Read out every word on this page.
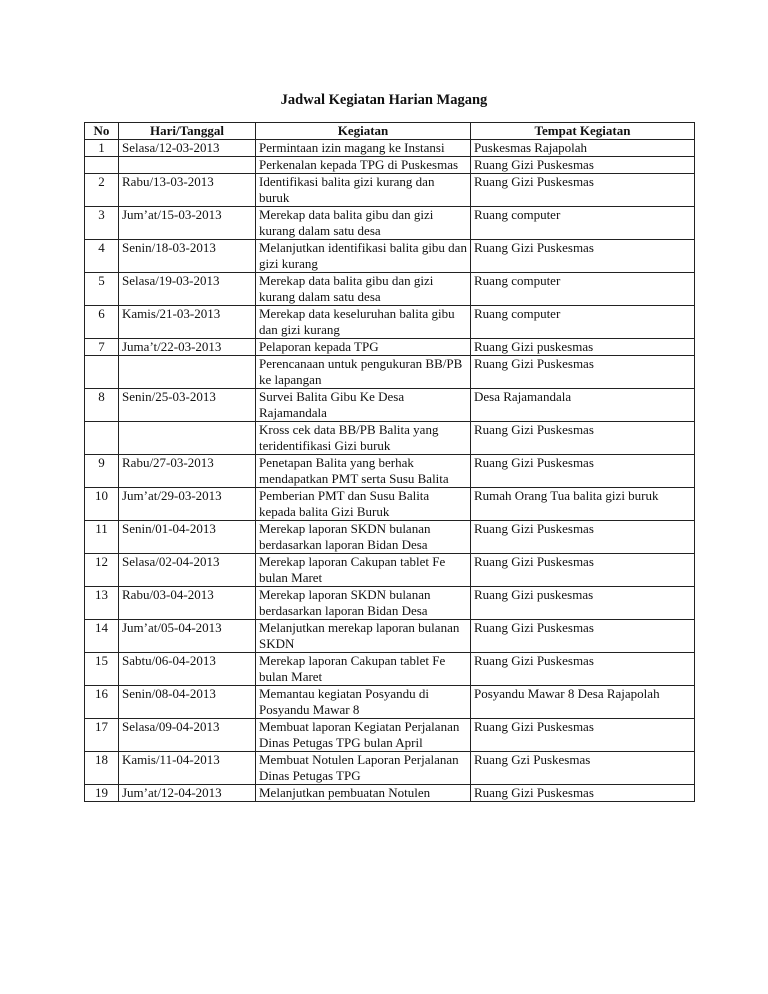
Jadwal Kegiatan Harian Magang
No	Hari/Tanggal	Kegiatan	Tempat Kegiatan
1	Selasa/12-03-2013	Permintaan izin magang ke Instansi	Puskesmas Rajapolah
		Perkenalan kepada TPG di Puskesmas	Ruang Gizi Puskesmas
2	Rabu/13-03-2013	Identifikasi balita gizi kurang dan buruk	Ruang Gizi Puskesmas
3	Jum’at/15-03-2013	Merekap data balita gibu dan gizi kurang dalam satu desa	Ruang computer
4	Senin/18-03-2013	Melanjutkan identifikasi balita gibu dan gizi kurang	Ruang Gizi Puskesmas
5	Selasa/19-03-2013	Merekap data balita gibu dan gizi kurang dalam satu desa	Ruang computer
6	Kamis/21-03-2013	Merekap data keseluruhan balita gibu dan gizi kurang	Ruang computer
7	Juma’t/22-03-2013	Pelaporan kepada TPG	Ruang Gizi puskesmas
		Perencanaan untuk pengukuran BB/PB ke lapangan	Ruang Gizi Puskesmas
8	Senin/25-03-2013	Survei Balita Gibu Ke Desa Rajamandala	Desa Rajamandala
		Kross cek data BB/PB Balita yang teridentifikasi Gizi buruk	Ruang Gizi Puskesmas
9	Rabu/27-03-2013	Penetapan Balita yang berhak mendapatkan PMT serta Susu Balita	Ruang Gizi Puskesmas
10	Jum’at/29-03-2013	Pemberian PMT dan Susu Balita kepada balita Gizi Buruk	Rumah Orang Tua balita gizi buruk
11	Senin/01-04-2013	Merekap laporan SKDN bulanan berdasarkan laporan Bidan Desa	Ruang Gizi Puskesmas
12	Selasa/02-04-2013	Merekap laporan Cakupan tablet Fe bulan Maret	Ruang Gizi Puskesmas
13	Rabu/03-04-2013	Merekap laporan SKDN bulanan berdasarkan laporan Bidan Desa	Ruang Gizi puskesmas
14	Jum’at/05-04-2013	Melanjutkan merekap laporan bulanan SKDN	Ruang Gizi Puskesmas
15	Sabtu/06-04-2013	Merekap laporan Cakupan tablet Fe bulan Maret	Ruang Gizi Puskesmas
16	Senin/08-04-2013	Memantau kegiatan Posyandu di Posyandu Mawar 8	Posyandu Mawar 8 Desa Rajapolah
17	Selasa/09-04-2013	Membuat laporan Kegiatan Perjalanan Dinas Petugas TPG bulan April	Ruang Gizi Puskesmas
18	Kamis/11-04-2013	Membuat Notulen Laporan Perjalanan Dinas Petugas TPG	Ruang Gzi Puskesmas
19	Jum’at/12-04-2013	Melanjutkan pembuatan Notulen	Ruang Gizi Puskesmas
